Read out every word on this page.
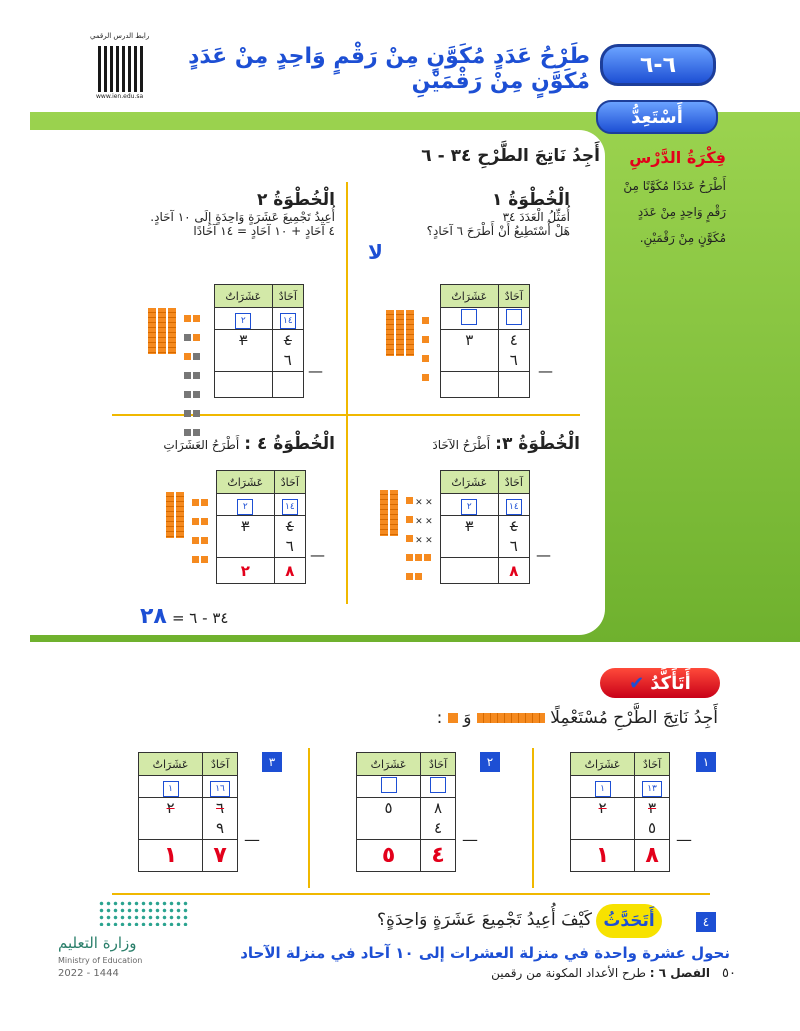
رابط الدرس الرقمي
www.ien.edu.sa
طَرْحُ عَدَدٍ مُكَوَّنٍ مِنْ رَقْمٍ وَاحِدٍ مِنْ عَدَدٍ مُكَوَّنٍ مِنْ رَقْمَيْنِ
٦-٦
أَسْتَعِدُّ
فِكْرَةُ الدَّرْسِ
أَطْرَحُ عَدَدًا مُكَوَّنًا مِنْ رَقْمٍ وَاحِدٍ مِنْ عَدَدٍ مُكَوَّنٍ مِنْ رَقْمَيْنِ.
أَجِدُ نَاتِجَ الطَّرْحِ ٣٤ - ٦
الْخُطْوَةُ ١
أُمَثِّلُ الْعَدَدَ ٣٤
هَلْ أَسْتَطِيعُ أَنْ أَطْرَحَ ٦ آحَادٍ؟
لا

عَشَرَاتٌ	آحَادٌ

٣	٤
	٦

—
الْخُطْوَةُ ٢
أُعِيدُ تَجْمِيعَ عَشَرَةٍ وَاحِدَةٍ إِلَى ١٠ آحَادٍ.
٤ آحَادٍ + ١٠ آحَادٍ = ١٤ آحَادًا

عَشَرَاتٌ	آحَادٌ
٢	١٤
٣	٤
	٦

—
الْخُطْوَةُ ٣: أَطْرَحُ الآحَادَ
✕ ✕✕ ✕✕ ✕
عَشَرَاتٌ	آحَادٌ
٢	١٤
٣	٤
	٦
	٨
—
الْخُطْوَةُ ٤ : أَطْرَحُ العَشَرَاتِ

عَشَرَاتٌ	آحَادٌ
٢	١٤
٣	٤
	٦
٢	٨
—
٣٤ - ٦ = ٢٨
✔ أَتَأَكَّدُ
أَجِدُ نَاتِجَ الطَّرْحِ مُسْتَعْمِلًا  وَ  :
١
عَشَرَاتٌ	آحَادٌ
١	١٣
٢	٣
	٥
١	٨
—
٢
عَشَرَاتٌ	آحَادٌ

٥	٨
	٤
٥	٤
—
٣
عَشَرَاتٌ	آحَادٌ
١	١٦
٢	٦
	٩
١	٧
—
٤
أَتَحَدَّثُ
كَيْفَ أُعِيدُ تَجْمِيعَ عَشَرَةٍ وَاحِدَةٍ؟
نحول عشرة واحدة في منزلة العشرات إلى ١٠ آحاد في منزلة الآحاد
وزارة التعليم
Ministry of Education
2022 - 1444	الفصل ٦ : طرح الأعداد المكونة من رقمين	٥٠
